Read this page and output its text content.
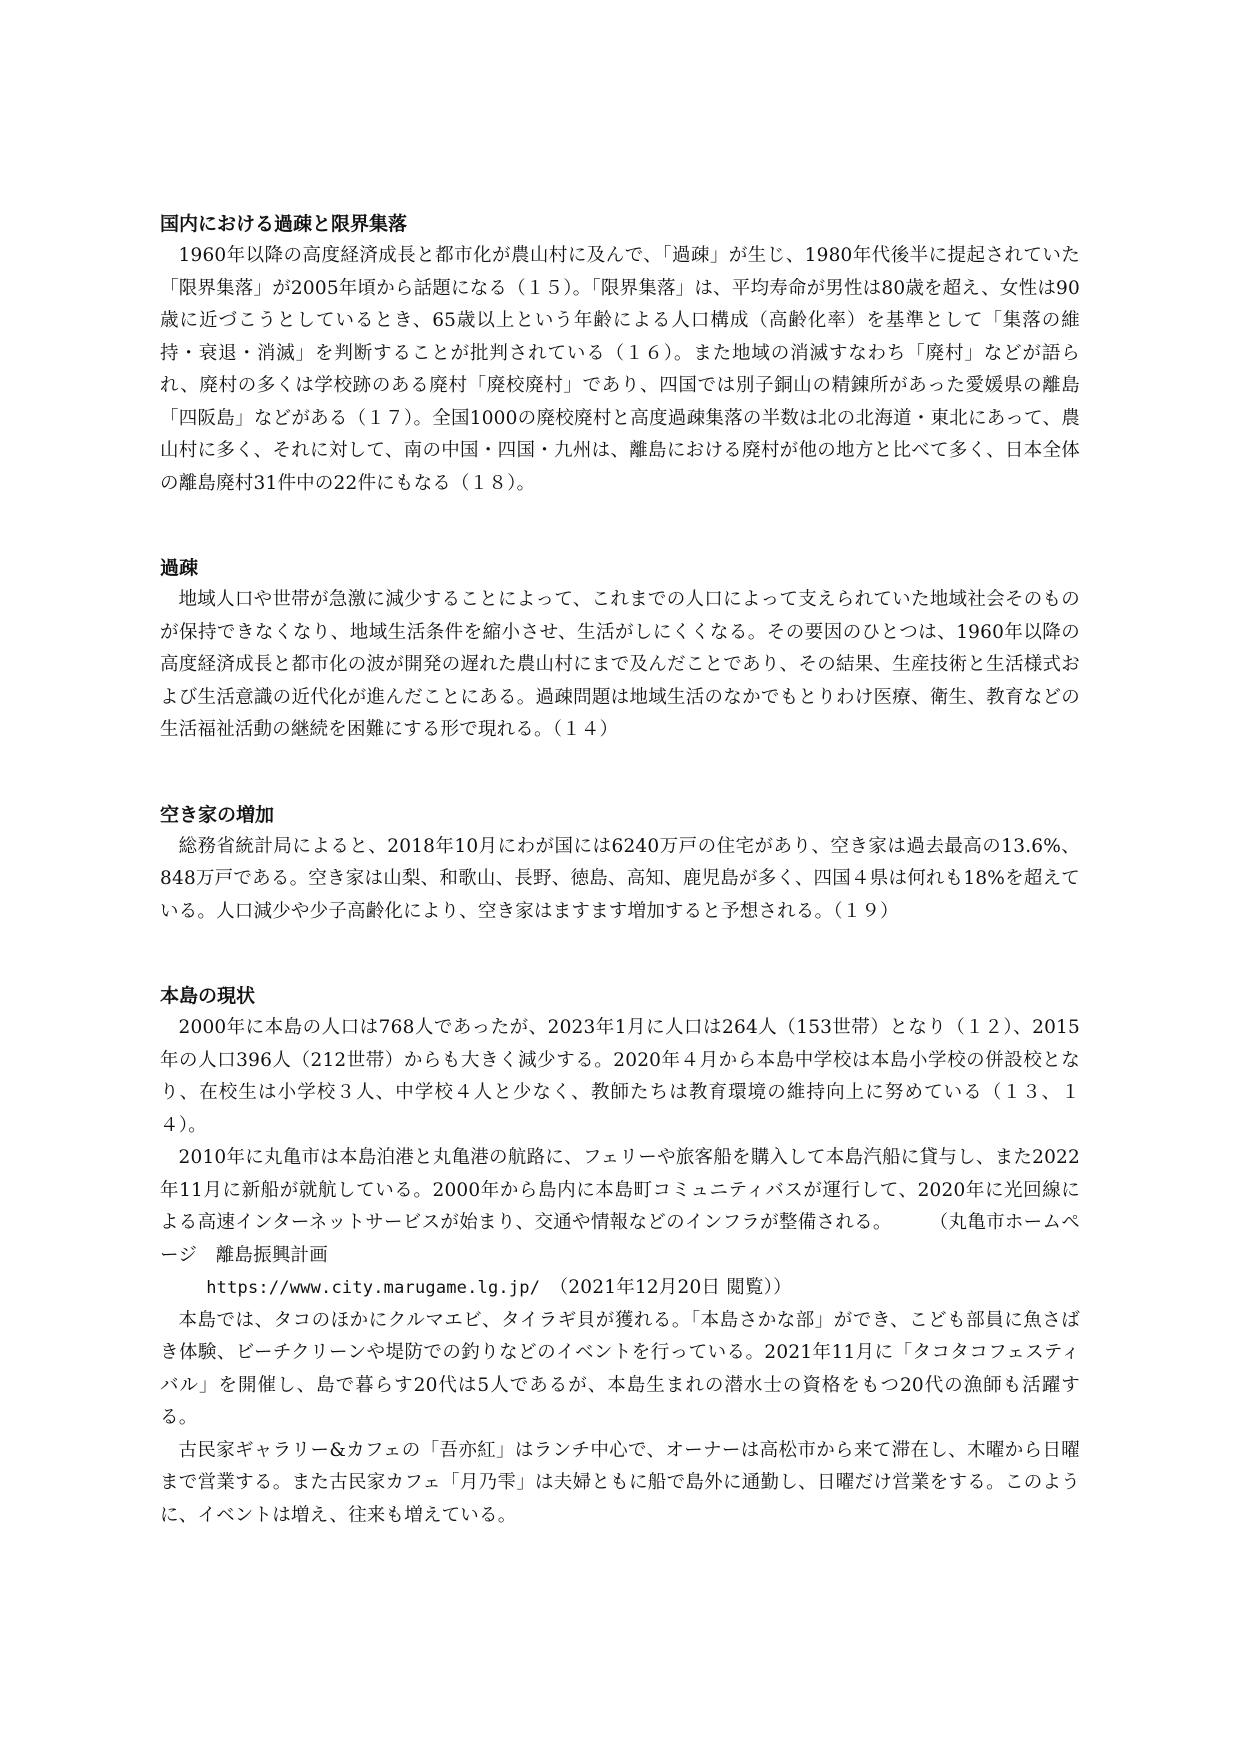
国内における過疎と限界集落

1960年以降の高度経済成長と都市化が農山村に及んで、「過疎」が生じ、1980年代後半に提起されていた「限界集落」が2005年頃から話題になる（１５）。「限界集落」は、平均寿命が男性は80歳を超え、女性は90歳に近づこうとしているとき、65歳以上という年齢による人口構成（高齢化率）を基準として「集落の維持・衰退・消滅」を判断することが批判されている（１６）。また地域の消滅すなわち「廃村」などが語られ、廃村の多くは学校跡のある廃村「廃校廃村」であり、四国では別子銅山の精錬所があった愛媛県の離島「四阪島」などがある（１７）。全国1000の廃校廃村と高度過疎集落の半数は北の北海道・東北にあって、農山村に多く、それに対して、南の中国・四国・九州は、離島における廃村が他の地方と比べて多く、日本全体の離島廃村31件中の22件にもなる（１８）。

過疎

地域人口や世帯が急激に減少することによって、これまでの人口によって支えられていた地域社会そのものが保持できなくなり、地域生活条件を縮小させ、生活がしにくくなる。その要因のひとつは、1960年以降の高度経済成長と都市化の波が開発の遅れた農山村にまで及んだことであり、その結果、生産技術と生活様式および生活意識の近代化が進んだことにある。過疎問題は地域生活のなかでもとりわけ医療、衛生、教育などの生活福祉活動の継続を困難にする形で現れる。（１４）

空き家の増加

総務省統計局によると、2018年10月にわが国には6240万戸の住宅があり、空き家は過去最高の13.6%、848万戸である。空き家は山梨、和歌山、長野、徳島、高知、鹿児島が多く、四国４県は何れも18%を超えている。人口減少や少子高齢化により、空き家はますます増加すると予想される。（１９）

本島の現状

2000年に本島の人口は768人であったが、2023年1月に人口は264人（153世帯）となり（１２）、2015年の人口396人（212世帯）からも大きく減少する。2020年４月から本島中学校は本島小学校の併設校となり、在校生は小学校３人、中学校４人と少なく、教師たちは教育環境の維持向上に努めている（１３、１４）。

2010年に丸亀市は本島泊港と丸亀港の航路に、フェリーや旅客船を購入して本島汽船に貸与し、また2022年11月に新船が就航している。2000年から島内に本島町コミュニティバスが運行して、2020年に光回線による高速インターネットサービスが始まり、交通や情報などのインフラが整備される。　　　（丸亀市ホームページ　離島振興計画

https://www.city.marugame.lg.jp/　 （2021年12月20日 閲覧））

本島では、タコのほかにクルマエビ、タイラギ貝が獲れる。「本島さかな部」ができ、こども部員に魚さばき体験、ビーチクリーンや堤防での釣りなどのイベントを行っている。2021年11月に「タコタコフェスティバル」を開催し、島で暮らす20代は5人であるが、本島生まれの潜水士の資格をもつ20代の漁師も活躍する。

古民家ギャラリー&カフェの「吾亦紅」はランチ中心で、オーナーは高松市から来て滞在し、木曜から日曜まで営業する。また古民家カフェ「月乃雫」は夫婦ともに船で島外に通勤し、日曜だけ営業をする。このように、イベントは増え、往来も増えている。
